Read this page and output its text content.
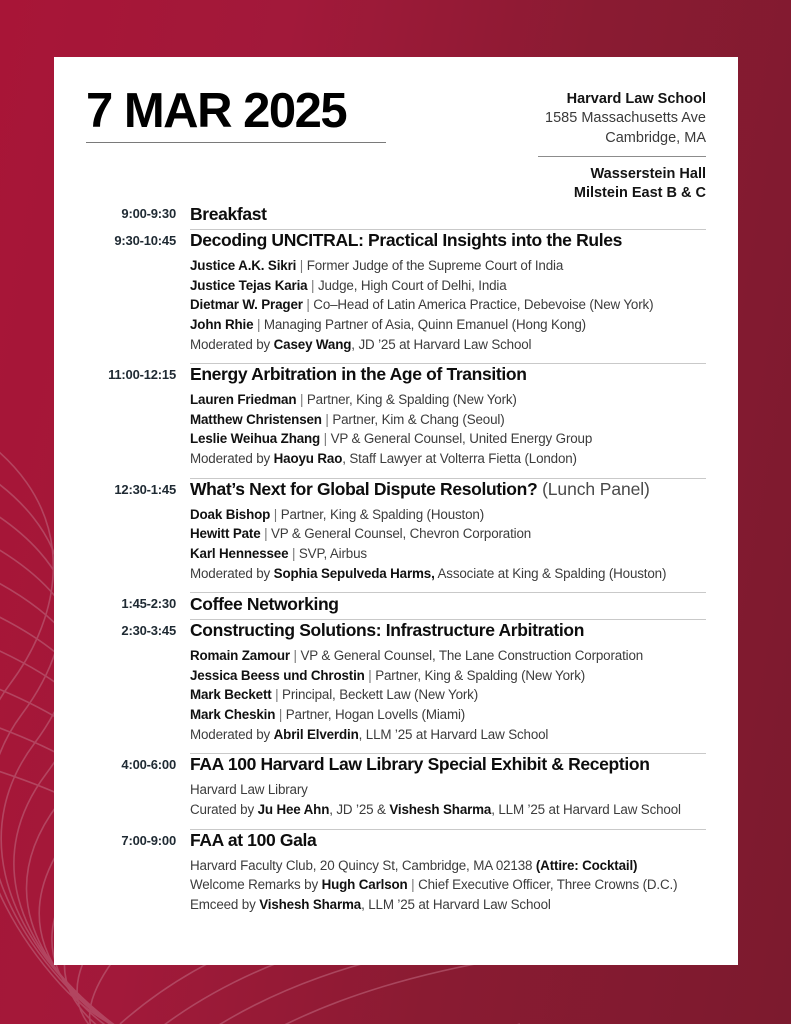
7 MAR 2025	Harvard Law School
1585 Massachusetts Ave
Cambridge, MA
Wasserstein Hall
Milstein East B & C
9:00-9:30 Breakfast
9:30-10:45 Decoding UNCITRAL: Practical Insights into the Rules
Justice A.K. Sikri | Former Judge of the Supreme Court of India
Justice Tejas Karia | Judge, High Court of Delhi, India
Dietmar W. Prager | Co–Head of Latin America Practice, Debevoise (New York)
John Rhie | Managing Partner of Asia, Quinn Emanuel (Hong Kong)
Moderated by Casey Wang, JD ’25 at Harvard Law School
11:00-12:15 Energy Arbitration in the Age of Transition
Lauren Friedman | Partner, King & Spalding (New York)
Matthew Christensen | Partner, Kim & Chang (Seoul)
Leslie Weihua Zhang | VP & General Counsel, United Energy Group
Moderated by Haoyu Rao, Staff Lawyer at Volterra Fietta (London)
12:30-1:45 What’s Next for Global Dispute Resolution? (Lunch Panel)
Doak Bishop | Partner, King & Spalding (Houston)
Hewitt Pate | VP & General Counsel, Chevron Corporation
Karl Hennessee | SVP, Airbus
Moderated by Sophia Sepulveda Harms, Associate at King & Spalding (Houston)
1:45-2:30 Coffee Networking
2:30-3:45 Constructing Solutions: Infrastructure Arbitration
Romain Zamour | VP & General Counsel, The Lane Construction Corporation
Jessica Beess und Chrostin | Partner, King & Spalding (New York)
Mark Beckett | Principal, Beckett Law (New York)
Mark Cheskin | Partner, Hogan Lovells (Miami)
Moderated by Abril Elverdin, LLM ’25 at Harvard Law School
4:00-6:00 FAA 100 Harvard Law Library Special Exhibit & Reception
Harvard Law Library
Curated by Ju Hee Ahn, JD ’25 & Vishesh Sharma, LLM ’25 at Harvard Law School
7:00-9:00 FAA at 100 Gala
Harvard Faculty Club, 20 Quincy St, Cambridge, MA 02138 (Attire: Cocktail)
Welcome Remarks by Hugh Carlson | Chief Executive Officer, Three Crowns (D.C.)
Emceed by Vishesh Sharma, LLM ’25 at Harvard Law School
